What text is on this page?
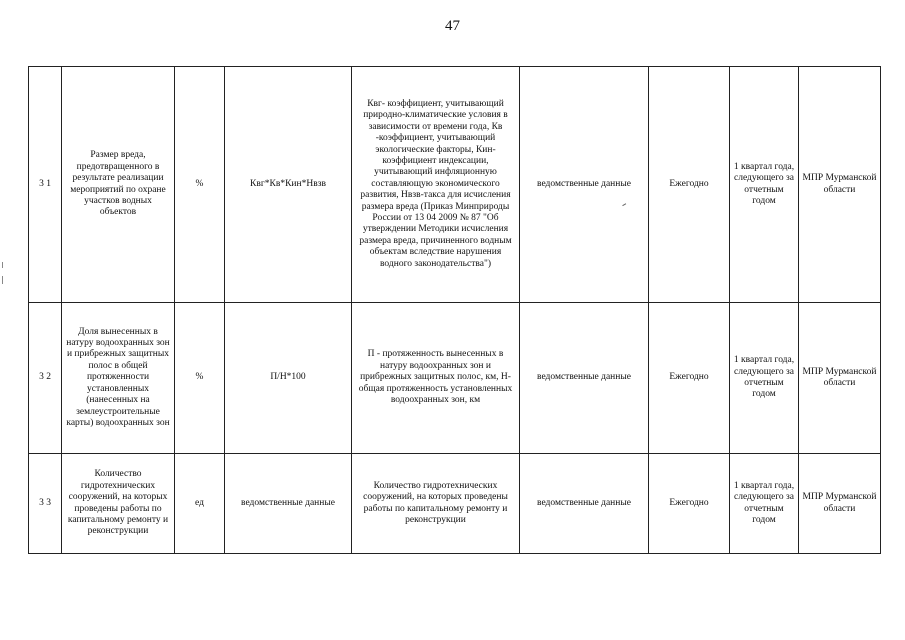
47
3 1	Размер вреда, предотвращенного в результате реализации мероприятий по охране участков водных объектов	%	Квг*Кв*Кин*Нвзв	Квг- коэффициент, учитывающий природно-климатические условия в зависимости от времени года, Кв -коэффициент, учитывающий экологические факторы, Кин- коэффициент индексации, учитывающий инфляционную составляющую экономического развития, Нвзв-такса для исчисления размера вреда (Приказ Минприроды России от 13 04 2009 № 87 "Об утверждении Методики исчисления размера вреда, причиненного водным объектам вследствие нарушения водного законодательства")	ведомственные данные	Ежегодно	1 квартал года, следующего за отчетным годом	МПР Мурманской области
3 2	Доля вынесенных в натуру водоохранных зон и прибрежных защитных полос в общей протяженности установленных (нанесенных на землеустроительные карты) водоохранных зон	%	П/Н*100	П - протяженность вынесенных в натуру водоохранных зон и прибрежных защитных полос, км, Н- общая протяженность установленных водоохранных зон, км	ведомственные данные	Ежегодно	1 квартал года, следующего за отчетным годом	МПР Мурманской области
3 3	Количество гидротехнических сооружений, на которых проведены работы по капитальному ремонту и реконструкции	ед	ведомственные данные	Количество гидротехнических сооружений, на которых проведены работы по капитальному ремонту и реконструкции	ведомственные данные	Ежегодно	1 квартал года, следующего за отчетным годом	МПР Мурманской области
